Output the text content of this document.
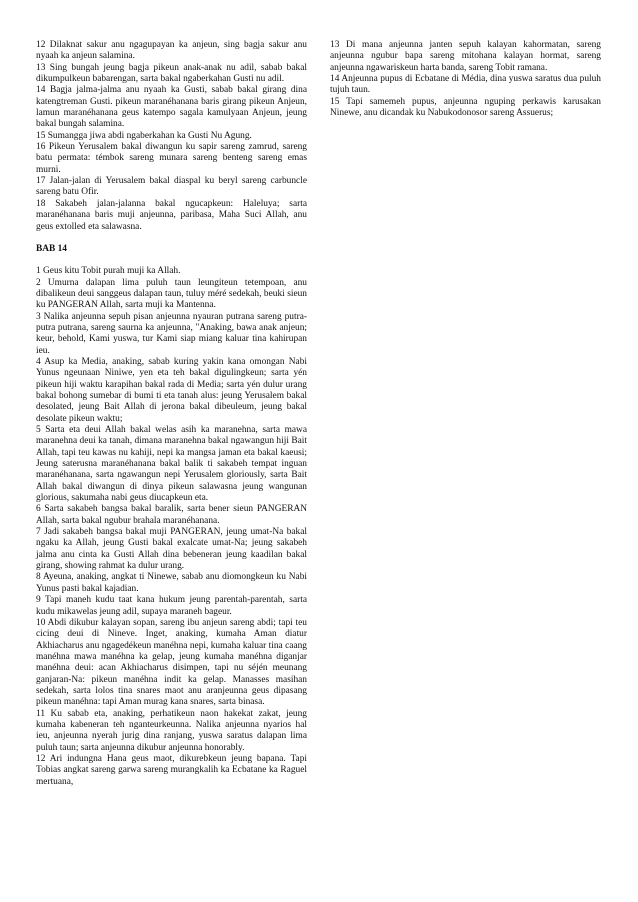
12 Dilaknat sakur anu ngagupayan ka anjeun, sing bagja sakur anu nyaah ka anjeun salamina.

13 Sing bungah jeung bagja pikeun anak-anak nu adil, sabab bakal dikumpulkeun babarengan, sarta bakal ngaberkahan Gusti nu adil.

14 Bagja jalma-jalma anu nyaah ka Gusti, sabab bakal girang dina katengtreman Gusti. pikeun maranéhanana baris girang pikeun Anjeun, lamun maranéhanana geus katempo sagala kamulyaan Anjeun, jeung bakal bungah salamina.

15 Sumangga jiwa abdi ngaberkahan ka Gusti Nu Agung.

16 Pikeun Yerusalem bakal diwangun ku sapir sareng zamrud, sareng batu permata: témbok sareng munara sareng benteng sareng emas murni.

17 Jalan-jalan di Yerusalem bakal diaspal ku beryl sareng carbuncle sareng batu Ofir.

18 Sakabeh jalan-jalanna bakal ngucapkeun: Haleluya; sarta maranéhanana baris muji anjeunna, paribasa, Maha Suci Allah, anu geus extolled eta salawasna.

BAB 14

1 Geus kitu Tobit purah muji ka Allah.

2 Umurna dalapan lima puluh taun leungiteun tetempoan, anu dibalikeun deui sanggeus dalapan taun, tuluy méré sedekah, beuki sieun ku PANGERAN Allah, sarta muji ka Mantenna.

3 Nalika anjeunna sepuh pisan anjeunna nyauran putrana sareng putra-putra putrana, sareng saurna ka anjeunna, "Anaking, bawa anak anjeun; keur, behold, Kami yuswa, tur Kami siap miang kaluar tina kahirupan ieu.

4 Asup ka Media, anaking, sabab kuring yakin kana omongan Nabi Yunus ngeunaan Niniwe, yen eta teh bakal digulingkeun; sarta yén pikeun hiji waktu karapihan bakal rada di Media; sarta yén dulur urang bakal bohong sumebar di bumi ti eta tanah alus: jeung Yerusalem bakal desolated, jeung Bait Allah di jerona bakal dibeuleum, jeung bakal desolate pikeun waktu;

5 Sarta eta deui Allah bakal welas asih ka maranehna, sarta mawa maranehna deui ka tanah, dimana maranehna bakal ngawangun hiji Bait Allah, tapi teu kawas nu kahiji, nepi ka mangsa jaman eta bakal kaeusi; Jeung saterusna maranéhanana bakal balik ti sakabeh tempat inguan maranéhanana, sarta ngawangun nepi Yerusalem gloriously, sarta Bait Allah bakal diwangun di dinya pikeun salawasna jeung wangunan glorious, sakumaha nabi geus diucapkeun eta.

6 Sarta sakabeh bangsa bakal baralik, sarta bener sieun PANGERAN Allah, sarta bakal ngubur brahala maranéhanana.

7 Jadi sakabeh bangsa bakal muji PANGERAN, jeung umat-Na bakal ngaku ka Allah, jeung Gusti bakal exalcate umat-Na; jeung sakabeh jalma anu cinta ka Gusti Allah dina bebeneran jeung kaadilan bakal girang, showing rahmat ka dulur urang.

8 Ayeuna, anaking, angkat ti Ninewe, sabab anu diomongkeun ku Nabi Yunus pasti bakal kajadian.

9 Tapi maneh kudu taat kana hukum jeung parentah-parentah, sarta kudu mikawelas jeung adil, supaya maraneh bageur.

10 Abdi dikubur kalayan sopan, sareng ibu anjeun sareng abdi; tapi teu cicing deui di Nineve. Inget, anaking, kumaha Aman diatur Akhiacharus anu ngagedékeun manéhna nepi, kumaha kaluar tina caang manéhna mawa manéhna ka gelap, jeung kumaha manéhna diganjar manéhna deui: acan Akhiacharus disimpen, tapi nu séjén meunang ganjaran-Na: pikeun manéhna indit ka gelap. Manasses masihan sedekah, sarta lolos tina snares maot anu aranjeunna geus dipasang pikeun manéhna: tapi Aman murag kana snares, sarta binasa.

11 Ku sabab eta, anaking, perhatikeun naon hakekat zakat, jeung kumaha kabeneran teh nganteurkeunna. Nalika anjeunna nyarios hal ieu, anjeunna nyerah jurig dina ranjang, yuswa saratus dalapan lima puluh taun; sarta anjeunna dikubur anjeunna honorably.

12 Ari indungna Hana geus maot, dikurebkeun jeung bapana. Tapi Tobias angkat sareng garwa sareng murangkalih ka Ecbatane ka Raguel mertuana,

13 Di mana anjeunna janten sepuh kalayan kahormatan, sareng anjeunna ngubur bapa sareng mitohana kalayan hormat, sareng anjeunna ngawariskeun harta banda, sareng Tobit ramana.

14 Anjeunna pupus di Ecbatane di Média, dina yuswa saratus dua puluh tujuh taun.

15 Tapi samemeh pupus, anjeunna nguping perkawis karusakan Ninewe, anu dicandak ku Nabukodonosor sareng Assuerus;
